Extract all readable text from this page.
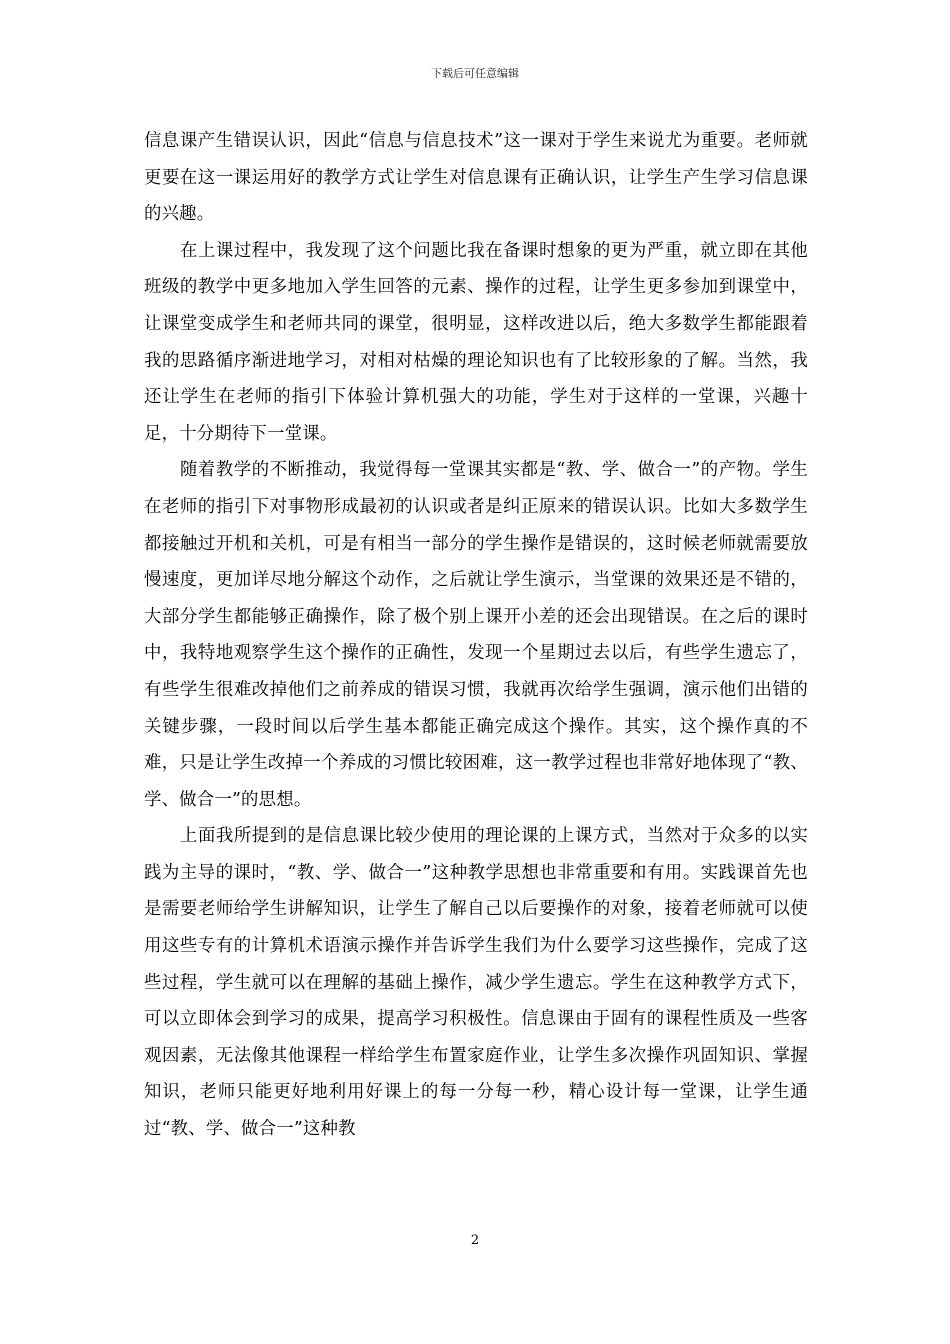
下载后可任意编辑

信息课产生错误认识，因此“信息与信息技术”这一课对于学生来说尤为重要。老师就更要在这一课运用好的教学方式让学生对信息课有正确认识，让学生产生学习信息课的兴趣。

在上课过程中，我发现了这个问题比我在备课时想象的更为严重，就立即在其他班级的教学中更多地加入学生回答的元素、操作的过程，让学生更多参加到课堂中，让课堂变成学生和老师共同的课堂，很明显，这样改进以后，绝大多数学生都能跟着我的思路循序渐进地学习，对相对枯燥的理论知识也有了比较形象的了解。当然，我还让学生在老师的指引下体验计算机强大的功能，学生对于这样的一堂课，兴趣十足，十分期待下一堂课。

随着教学的不断推动，我觉得每一堂课其实都是“教、学、做合一”的产物。学生在老师的指引下对事物形成最初的认识或者是纠正原来的错误认识。比如大多数学生都接触过开机和关机，可是有相当一部分的学生操作是错误的，这时候老师就需要放慢速度，更加详尽地分解这个动作，之后就让学生演示，当堂课的效果还是不错的，大部分学生都能够正确操作，除了极个别上课开小差的还会出现错误。在之后的课时中，我特地观察学生这个操作的正确性，发现一个星期过去以后，有些学生遗忘了，有些学生很难改掉他们之前养成的错误习惯，我就再次给学生强调，演示他们出错的关键步骤，一段时间以后学生基本都能正确完成这个操作。其实，这个操作真的不难，只是让学生改掉一个养成的习惯比较困难，这一教学过程也非常好地体现了“教、学、做合一”的思想。

上面我所提到的是信息课比较少使用的理论课的上课方式，当然对于众多的以实践为主导的课时，“教、学、做合一”这种教学思想也非常重要和有用。实践课首先也是需要老师给学生讲解知识，让学生了解自己以后要操作的对象，接着老师就可以使用这些专有的计算机术语演示操作并告诉学生我们为什么要学习这些操作，完成了这些过程，学生就可以在理解的基础上操作，减少学生遗忘。学生在这种教学方式下，可以立即体会到学习的成果，提高学习积极性。信息课由于固有的课程性质及一些客观因素，无法像其他课程一样给学生布置家庭作业，让学生多次操作巩固知识、掌握知识，老师只能更好地利用好课上的每一分每一秒，精心设计每一堂课，让学生通过“教、学、做合一”这种教

2
